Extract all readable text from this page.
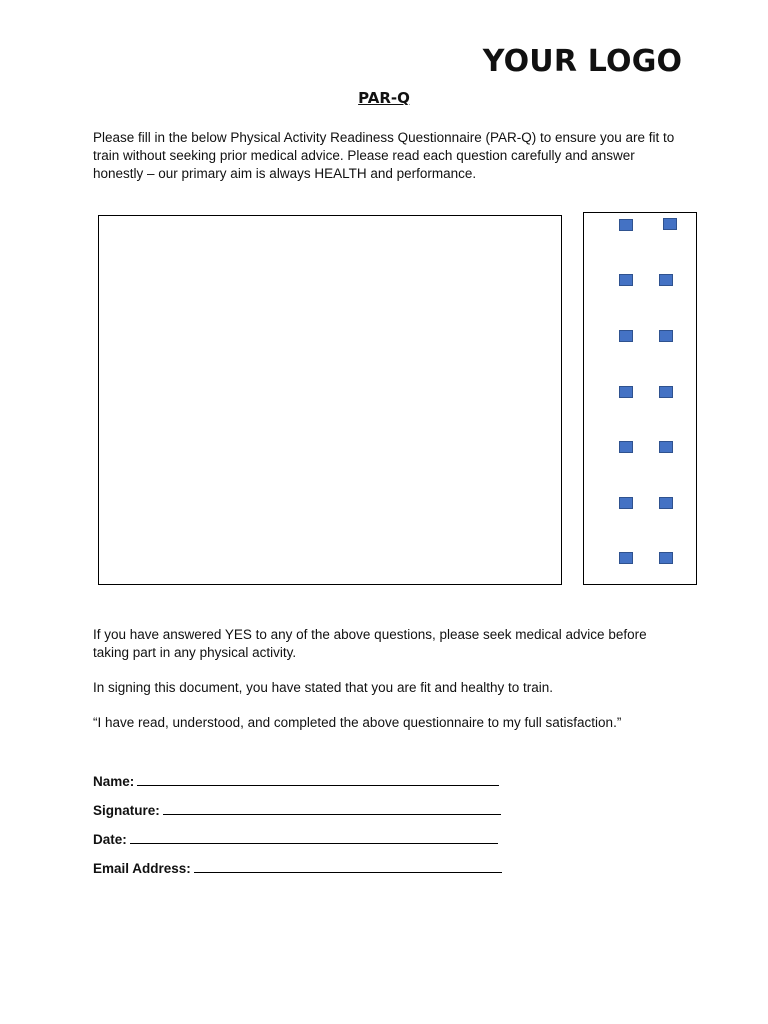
YOUR LOGO
PAR-Q
Please fill in the below Physical Activity Readiness Questionnaire (PAR-Q) to ensure you are fit to train without seeking prior medical advice. Please read each question carefully and answer honestly – our primary aim is always HEALTH and performance.
If you have answered YES to any of the above questions, please seek medical advice before taking part in any physical activity.
In signing this document, you have stated that you are fit and healthy to train.
“I have read, understood, and completed the above questionnaire to my full satisfaction.”
Name:
Signature:
Date:
Email Address:
